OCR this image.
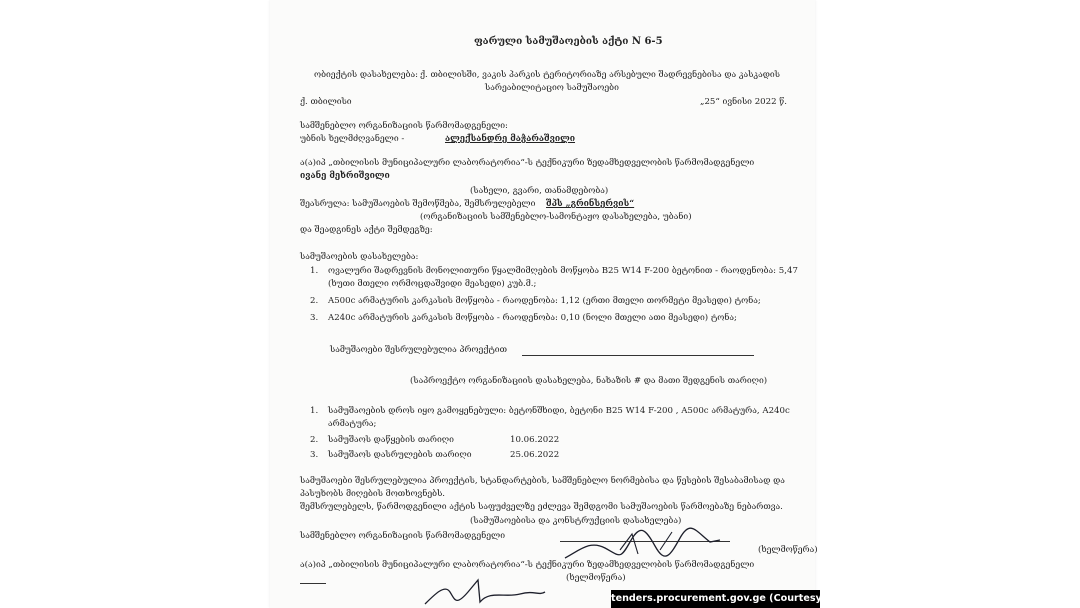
ფარული სამუშაოების აქტი N 6-5
ობიექტის დასახელება: ქ. თბილისში, ვაკის პარკის ტერიტორიაზე არსებული შადრევნებისა და კასკადის
სარეაბილიტაციო სამუშაოები
ქ. თბილისი	„25“ ივნისი 2022 წ.
სამშენებლო ორგანიზაციის წარმომადგენელი:
უბნის ხელმძღვანელი -	ალექსანდრე მაჭარაშვილი
ა(ა)იპ „თბილისის მუნიციპალური ლაბორატორია“-ს ტექნიკური ზედამხედველობის წარმომადგენელი
ივანე მეხრიშვილი
(სახელი, გვარი, თანამდებობა)
შეასრულა: სამუშაოების შემოწმება, შემსრულებელი შპს „გრინსერვის“
(ორგანიზაციის სამშენებლო-სამონტაჟო დასახელება, უბანი)
და შეადგინეს აქტი შემდეგზე:
სამუშაოების დასახელება:
1. ოვალური შადრევნის მონოლითური წყალმიმღების მოწყობა B25 W14 F-200 ბეტონით - რაოდენობა: 5,47
(ხუთი მთელი ორმოცდაშვიდი მეასედი) კუბ.მ.;
2. A500c არმატურის კარკასის მოწყობა - რაოდენობა: 1,12 (ერთი მთელი თორმეტი მეასედი) ტონა;
3. A240c არმატურის კარკასის მოწყობა - რაოდენობა: 0,10 (ნოლი მთელი ათი მეასედი) ტონა;
სამუშაოები შესრულებულია პროექტით
(საპროექტო ორგანიზაციის დასახელება, ნახაზის # და მათი შედგენის თარიღი)
1. სამუშაოების დროს იყო გამოყენებული: ბეტონშხიდი, ბეტონი B25 W14 F-200 , A500c არმატურა, A240c
არმატურა;
2. სამუშაოს დაწყების თარიღი	10.06.2022
3. სამუშაოს დასრულების თარიღი	25.06.2022
სამუშაოები შესრულებულია პროექტის, სტანდარტების, სამშენებლო ნორმებისა და წესების შესაბამისად და
პასუხობს მიღების მოთხოვნებს.
შემსრულებელს, წარმოდგენილი აქტის საფუძველზე ეძლევა შემდგომი სამუშაოების წარმოებაზე ნებართვა.
(სამუშაოებისა და კონსტრუქციის დასახელება)
სამშენებლო ორგანიზაციის წარმომადგენელი
(ხელმოწერა)
ა(ა)იპ „თბილისის მუნიციპალური ლაბორატორია“-ს ტექნიკური ზედამხედველობის წარმომადგენელი
(ხელმოწერა)
tenders.procurement.gov.ge (Courtesy Image)
